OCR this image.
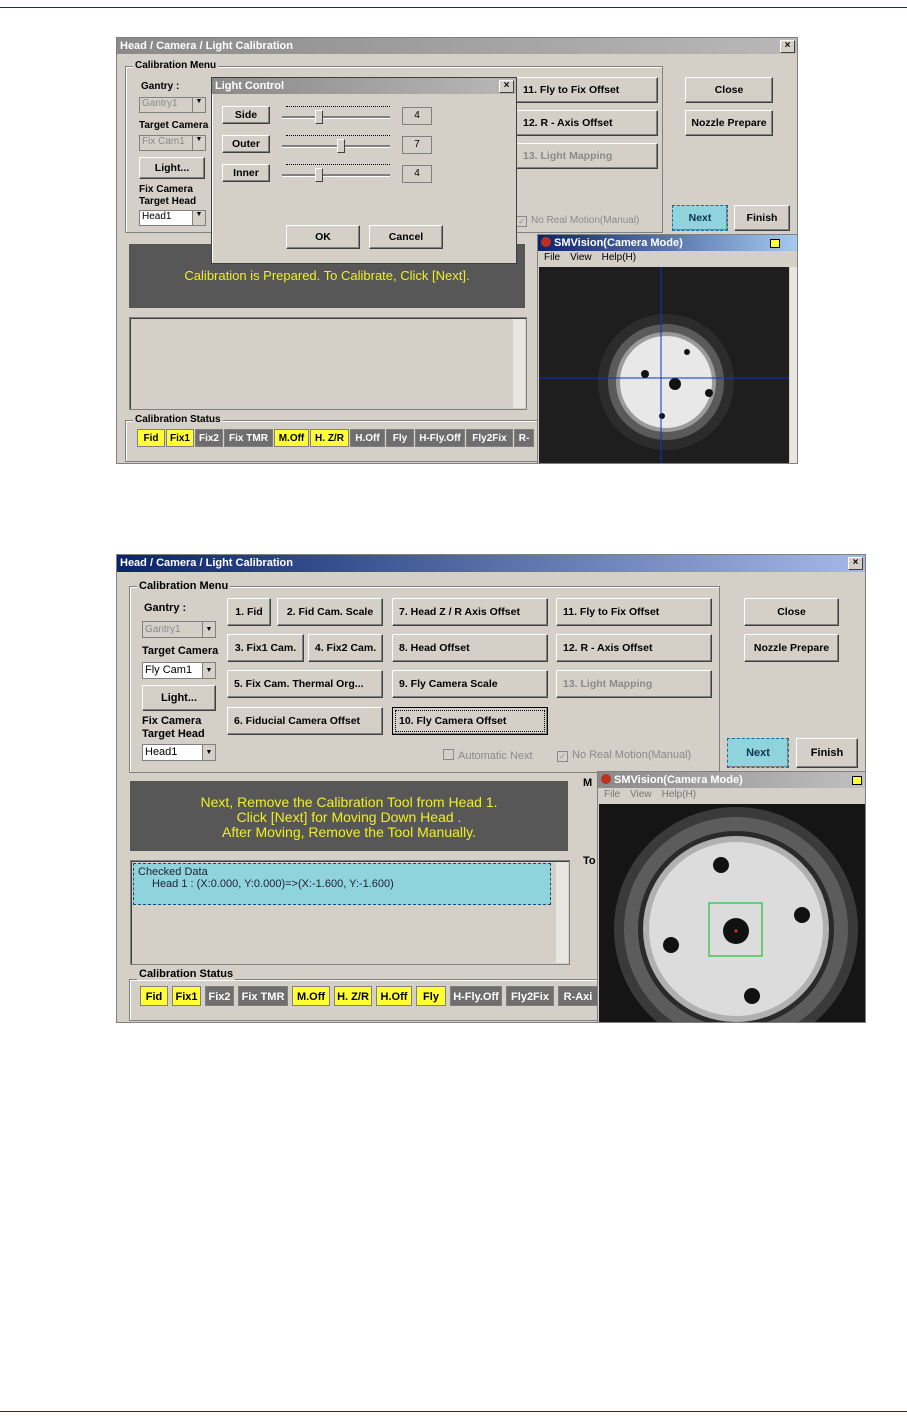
Head / Camera / Light Calibration	×
Calibration Menu
Gantry :
Gantry1	▼
Target Camera
Fix Cam1	▼
Light...
Fix Camera
Target Head
Head1	▼
11. Fly to Fix Offset
12. R - Axis Offset
13. Light Mapping
Close
Nozzle Prepare
✓ No Real Motion(Manual)	Next	Finish
Calibration is Prepared. To Calibrate, Click [Next].
Calibration Status
Fid	Fix1 Fix2	Fix TMR	M.Off	H. Z/R	H.Off	Fly	H-Fly.Off	Fly2Fix	R-
Light Control	×
Side	4
Outer	7
Inner	4
OK	Cancel	SMVision(Camera Mode)
File View Help(H)
Head / Camera / Light Calibration	×
Calibration Menu
Gantry :
Gantry1	▼
Target Camera
Fly Cam1	▼
Light...
Fix Camera
Target Head
Head1	▼
1. Fid	2. Fid Cam. Scale
3. Fix1 Cam.	4. Fix2 Cam.
5. Fix Cam. Thermal Org...
6. Fiducial Camera Offset
7. Head Z / R Axis Offset
8. Head Offset
9. Fly Camera Scale
10. Fly Camera Offset
11. Fly to Fix Offset
12. R - Axis Offset
13. Light Mapping
Close
Nozzle Prepare
Automatic Next	✓ No Real Motion(Manual)	Next	Finish
Next, Remove the Calibration Tool from Head 1.
Click [Next] for Moving Down Head .
After Moving, Remove the Tool Manually.
Checked Data
Head 1 : (X:0.000, Y:0.000)=>(X:-1.600, Y:-1.600)
M
To
Calibration Status
Fid	Fix1 Fix2	Fix TMR	M.Off	H. Z/R	H.Off	Fly	H-Fly.Off	Fly2Fix	R-Axi
SMVision(Camera Mode)
File View Help(H)
